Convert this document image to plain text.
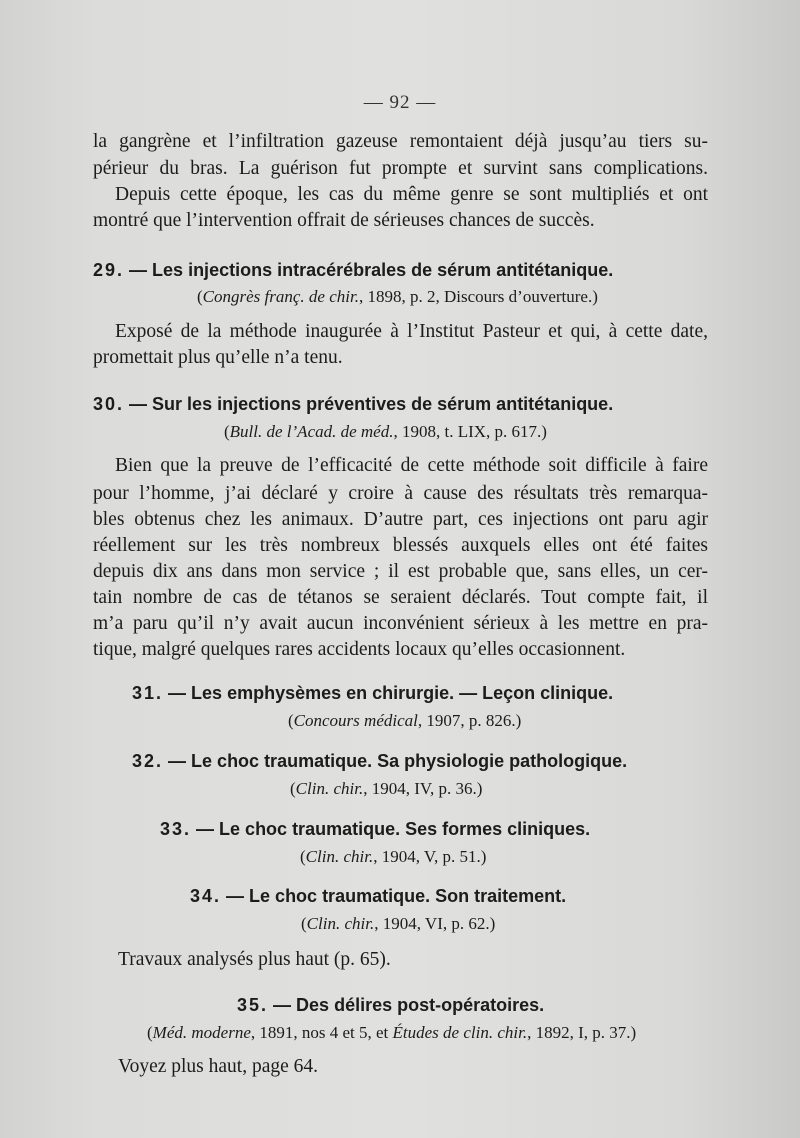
— 92 —
la gangrène et l’infiltration gazeuse remontaient déjà jusqu’au tiers su-
périeur du bras. La guérison fut prompte et survint sans complications.
Depuis cette époque, les cas du même genre se sont multipliés et ont
montré que l’intervention offrait de sérieuses chances de succès.
29. — Les injections intracérébrales de sérum antitétanique.
(Congrès franç. de chir., 1898, p. 2, Discours d’ouverture.)
Exposé de la méthode inaugurée à l’Institut Pasteur et qui, à cette date,
promettait plus qu’elle n’a tenu.
30. — Sur les injections préventives de sérum antitétanique.
(Bull. de l’Acad. de méd., 1908, t. LIX, p. 617.)
Bien que la preuve de l’efficacité de cette méthode soit difficile à faire
pour l’homme, j’ai déclaré y croire à cause des résultats très remarqua-
bles obtenus chez les animaux. D’autre part, ces injections ont paru agir
réellement sur les très nombreux blessés auxquels elles ont été faites
depuis dix ans dans mon service ; il est probable que, sans elles, un cer-
tain nombre de cas de tétanos se seraient déclarés. Tout compte fait, il
m’a paru qu’il n’y avait aucun inconvénient sérieux à les mettre en pra-
tique, malgré quelques rares accidents locaux qu’elles occasionnent.
31. — Les emphysèmes en chirurgie. — Leçon clinique.
(Concours médical, 1907, p. 826.)
32. — Le choc traumatique. Sa physiologie pathologique.
(Clin. chir., 1904, IV, p. 36.)
33. — Le choc traumatique. Ses formes cliniques.
(Clin. chir., 1904, V, p. 51.)
34. — Le choc traumatique. Son traitement.
(Clin. chir., 1904, VI, p. 62.)
Travaux analysés plus haut (p. 65).
35. — Des délires post-opératoires.
(Méd. moderne, 1891, nos 4 et 5, et Études de clin. chir., 1892, I, p. 37.)
Voyez plus haut, page 64.
